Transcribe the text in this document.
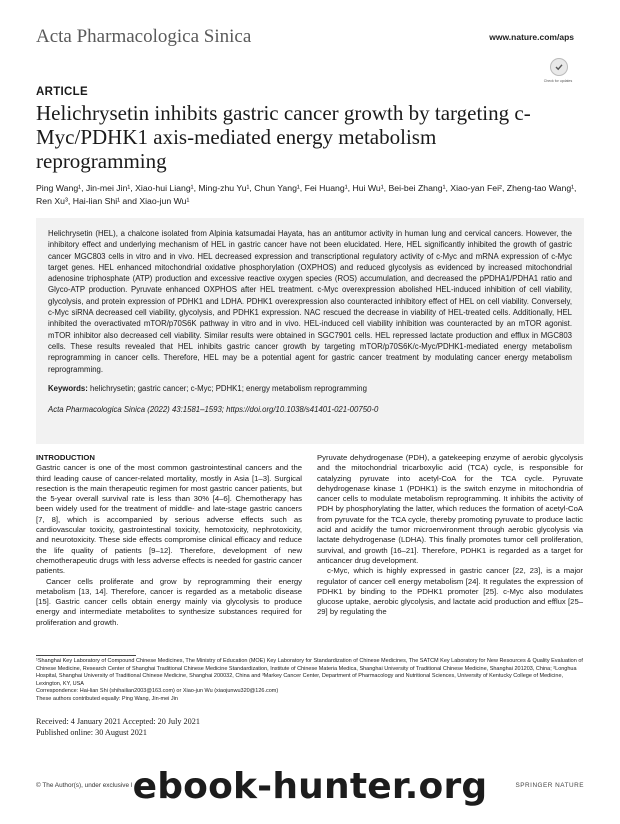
Acta Pharmacologica Sinica	www.nature.com/aps
Check for updates
ARTICLE
Helichrysetin inhibits gastric cancer growth by targeting c-Myc/PDHK1 axis-mediated energy metabolism reprogramming
Ping Wang¹, Jin-mei Jin¹, Xiao-hui Liang¹, Ming-zhu Yu¹, Chun Yang¹, Fei Huang¹, Hui Wu¹, Bei-bei Zhang¹, Xiao-yan Fei², Zheng-tao Wang¹, Ren Xu³, Hai-lian Shi¹ and Xiao-jun Wu¹
Helichrysetin (HEL), a chalcone isolated from Alpinia katsumadai Hayata, has an antitumor activity in human lung and cervical cancers. However, the inhibitory effect and underlying mechanism of HEL in gastric cancer have not been elucidated. Here, HEL significantly inhibited the growth of gastric cancer MGC803 cells in vitro and in vivo. HEL decreased expression and transcriptional regulatory activity of c-Myc and mRNA expression of c-Myc target genes. HEL enhanced mitochondrial oxidative phosphorylation (OXPHOS) and reduced glycolysis as evidenced by increased mitochondrial adenosine triphosphate (ATP) production and excessive reactive oxygen species (ROS) accumulation, and decreased the pPDHA1/PDHA1 ratio and Glyco-ATP production. Pyruvate enhanced OXPHOS after HEL treatment. c-Myc overexpression abolished HEL-induced inhibition of cell viability, glycolysis, and protein expression of PDHK1 and LDHA. PDHK1 overexpression also counteracted inhibitory effect of HEL on cell viability. Conversely, c-Myc siRNA decreased cell viability, glycolysis, and PDHK1 expression. NAC rescued the decrease in viability of HEL-treated cells. Additionally, HEL inhibited the overactivated mTOR/p70S6K pathway in vitro and in vivo. HEL-induced cell viability inhibition was counteracted by an mTOR agonist. mTOR inhibitor also decreased cell viability. Similar results were obtained in SGC7901 cells. HEL repressed lactate production and efflux in MGC803 cells. These results revealed that HEL inhibits gastric cancer growth by targeting mTOR/p70S6K/c-Myc/PDHK1-mediated energy metabolism reprogramming in cancer cells. Therefore, HEL may be a potential agent for gastric cancer treatment by modulating cancer energy metabolism reprogramming.
Keywords: helichrysetin; gastric cancer; c-Myc; PDHK1; energy metabolism reprogramming
Acta Pharmacologica Sinica (2022) 43:1581–1593; https://doi.org/10.1038/s41401-021-00750-0
INTRODUCTION

Gastric cancer is one of the most common gastrointestinal cancers and the third leading cause of cancer-related mortality, mostly in Asia [1–3]. Surgical resection is the main therapeutic regimen for most gastric cancer patients, but the 5-year overall survival rate is less than 30% [4–6]. Chemotherapy has been widely used for the treatment of middle- and late-stage gastric cancers [7, 8], which is accompanied by serious adverse effects such as cardiovascular toxicity, gastrointestinal toxicity, hemotoxicity, nephrotoxicity, and neurotoxicity. These side effects compromise clinical efficacy and reduce the life quality of patients [9–12]. Therefore, development of new chemotherapeutic drugs with less adverse effects is needed for gastric cancer patients.

Cancer cells proliferate and grow by reprogramming their energy metabolism [13, 14]. Therefore, cancer is regarded as a metabolic disease [15]. Gastric cancer cells obtain energy mainly via glycolysis to produce energy and intermediate metabolites to synthesize substances required for proliferation and growth.

Pyruvate dehydrogenase (PDH), a gatekeeping enzyme of aerobic glycolysis and the mitochondrial tricarboxylic acid (TCA) cycle, is responsible for catalyzing pyruvate into acetyl-CoA for the TCA cycle. Pyruvate dehydrogenase kinase 1 (PDHK1) is the switch enzyme in mitochondria of cancer cells to modulate metabolism reprogramming. It inhibits the activity of PDH by phosphorylating the latter, which reduces the formation of acetyl-CoA from pyruvate for the TCA cycle, thereby promoting pyruvate to produce lactic acid and acidify the tumor microenvironment through aerobic glycolysis via lactate dehydrogenase (LDHA). This finally promotes tumor cell proliferation, survival, and growth [16–21]. Therefore, PDHK1 is regarded as a target for anticancer drug development.

c-Myc, which is highly expressed in gastric cancer [22, 23], is a major regulator of cancer cell energy metabolism [24]. It regulates the expression of PDHK1 by binding to the PDHK1 promoter [25]. c-Myc also modulates glucose uptake, aerobic glycolysis, and lactate acid production and efflux [25–29] by regulating the

¹Shanghai Key Laboratory of Compound Chinese Medicines, The Ministry of Education (MOE) Key Laboratory for Standardization of Chinese Medicines, The SATCM Key Laboratory for New Resources & Quality Evaluation of Chinese Medicine, Research Center of Shanghai Traditional Chinese Medicine Standardization, Institute of Chinese Materia Medica, Shanghai University of Traditional Chinese Medicine, Shanghai 201203, China; ²Longhua Hospital, Shanghai University of Traditional Chinese Medicine, Shanghai 200032, China and ³Markey Cancer Center, Department of Pharmacology and Nutritional Sciences, University of Kentucky College of Medicine, Lexington, KY, USA

Correspondence: Hai-lian Shi (shihailian2003@163.com) or Xiao-jun Wu (xiaojunwu320@126.com)

These authors contributed equally: Ping Wang, Jin-mei Jin

Received: 4 January 2021 Accepted: 20 July 2021
Published online: 30 August 2021
© The Author(s), under exclusive l	SPRINGER NATURE
ebook-hunter.org
